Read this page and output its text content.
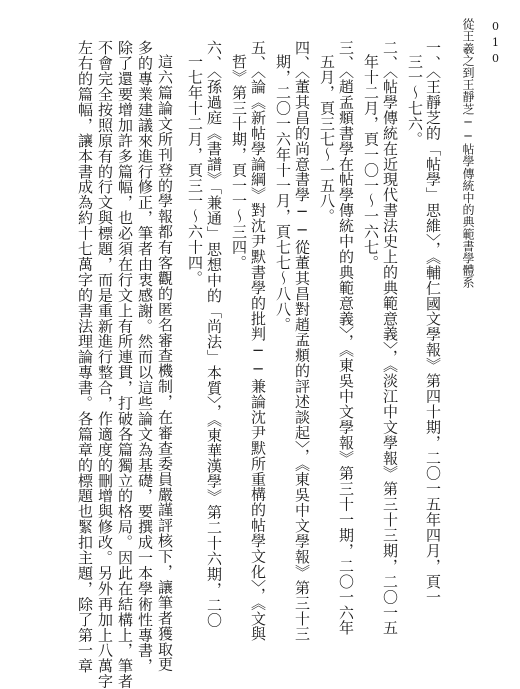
從王羲之到王靜芝──帖學傳統中的典範書學體系 010
一、〈王靜芝的「帖學」思維〉，《輔仁國文學報》第四十期，二〇一五年四月，頁一
三一～七六。
二、〈帖學傳統在近現代書法史上的典範意義〉，《淡江中文學報》第三十三期，二〇一五
年十二月，頁一〇一～一六七。
三、〈趙孟頫書學在帖學傳統中的典範意義〉，《東吳中文學報》第三十一期，二〇一六年
五月，頁三七～一五八。
四、〈董其昌的尚意書學──從董其昌對趙孟頫的評述談起〉，《東吳中文學報》第三十三
期，二〇一六年十一月，頁七七～八八。
五、〈論《新帖學論綱》對沈尹默書學的批判──兼論沈尹默所重構的帖學文化〉，《文與
哲》第三十期，頁一一～三四。
六、〈孫過庭《書譜》「兼通」思想中的「尚法」本質〉，《東華漢學》第二十六期，二〇
一七年十二月，頁三一～六十四。
這六篇論文所刊登的學報都有客觀的匿名審查機制，在審查委員嚴謹評核下，讓筆者獲取更
多的專業建議來進行修正，筆者由衷感謝。然而以這些論文為基礎，要撰成一本學術性專書，
除了還要增加許多篇幅，也必須在行文上有所連貫，打破各篇獨立的格局。因此在結構上，筆者
不會完全按照原有的行文與標題，而是重新進行整合，作適度的刪增與修改。另外再加上八萬字
左右的篇幅，讓本書成為約十七萬字的書法理論專書。各篇章的標題也緊扣主題，除了第一章
